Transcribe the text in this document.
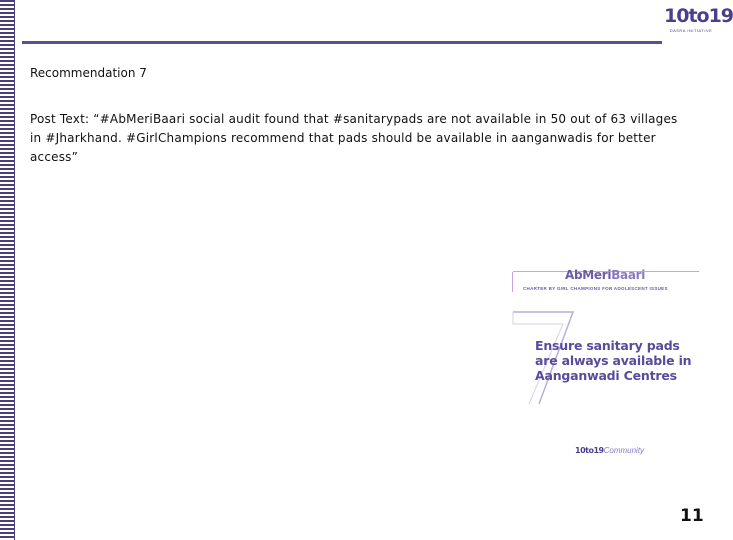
10to19
DASRA INITIATIVE
Recommendation 7

Post Text: “#AbMeriBaari social audit found that #sanitarypads are not available in 50 out of 63 villages in #Jharkhand. #GirlChampions recommend that pads should be available in aanganwadis for better access”

AbMeriBaari
CHARTER BY GIRL CHAMPIONS FOR ADOLESCENT ISSUES
7

Ensure sanitary pads are always available in Aanganwadi Centres

10to19Community
11
